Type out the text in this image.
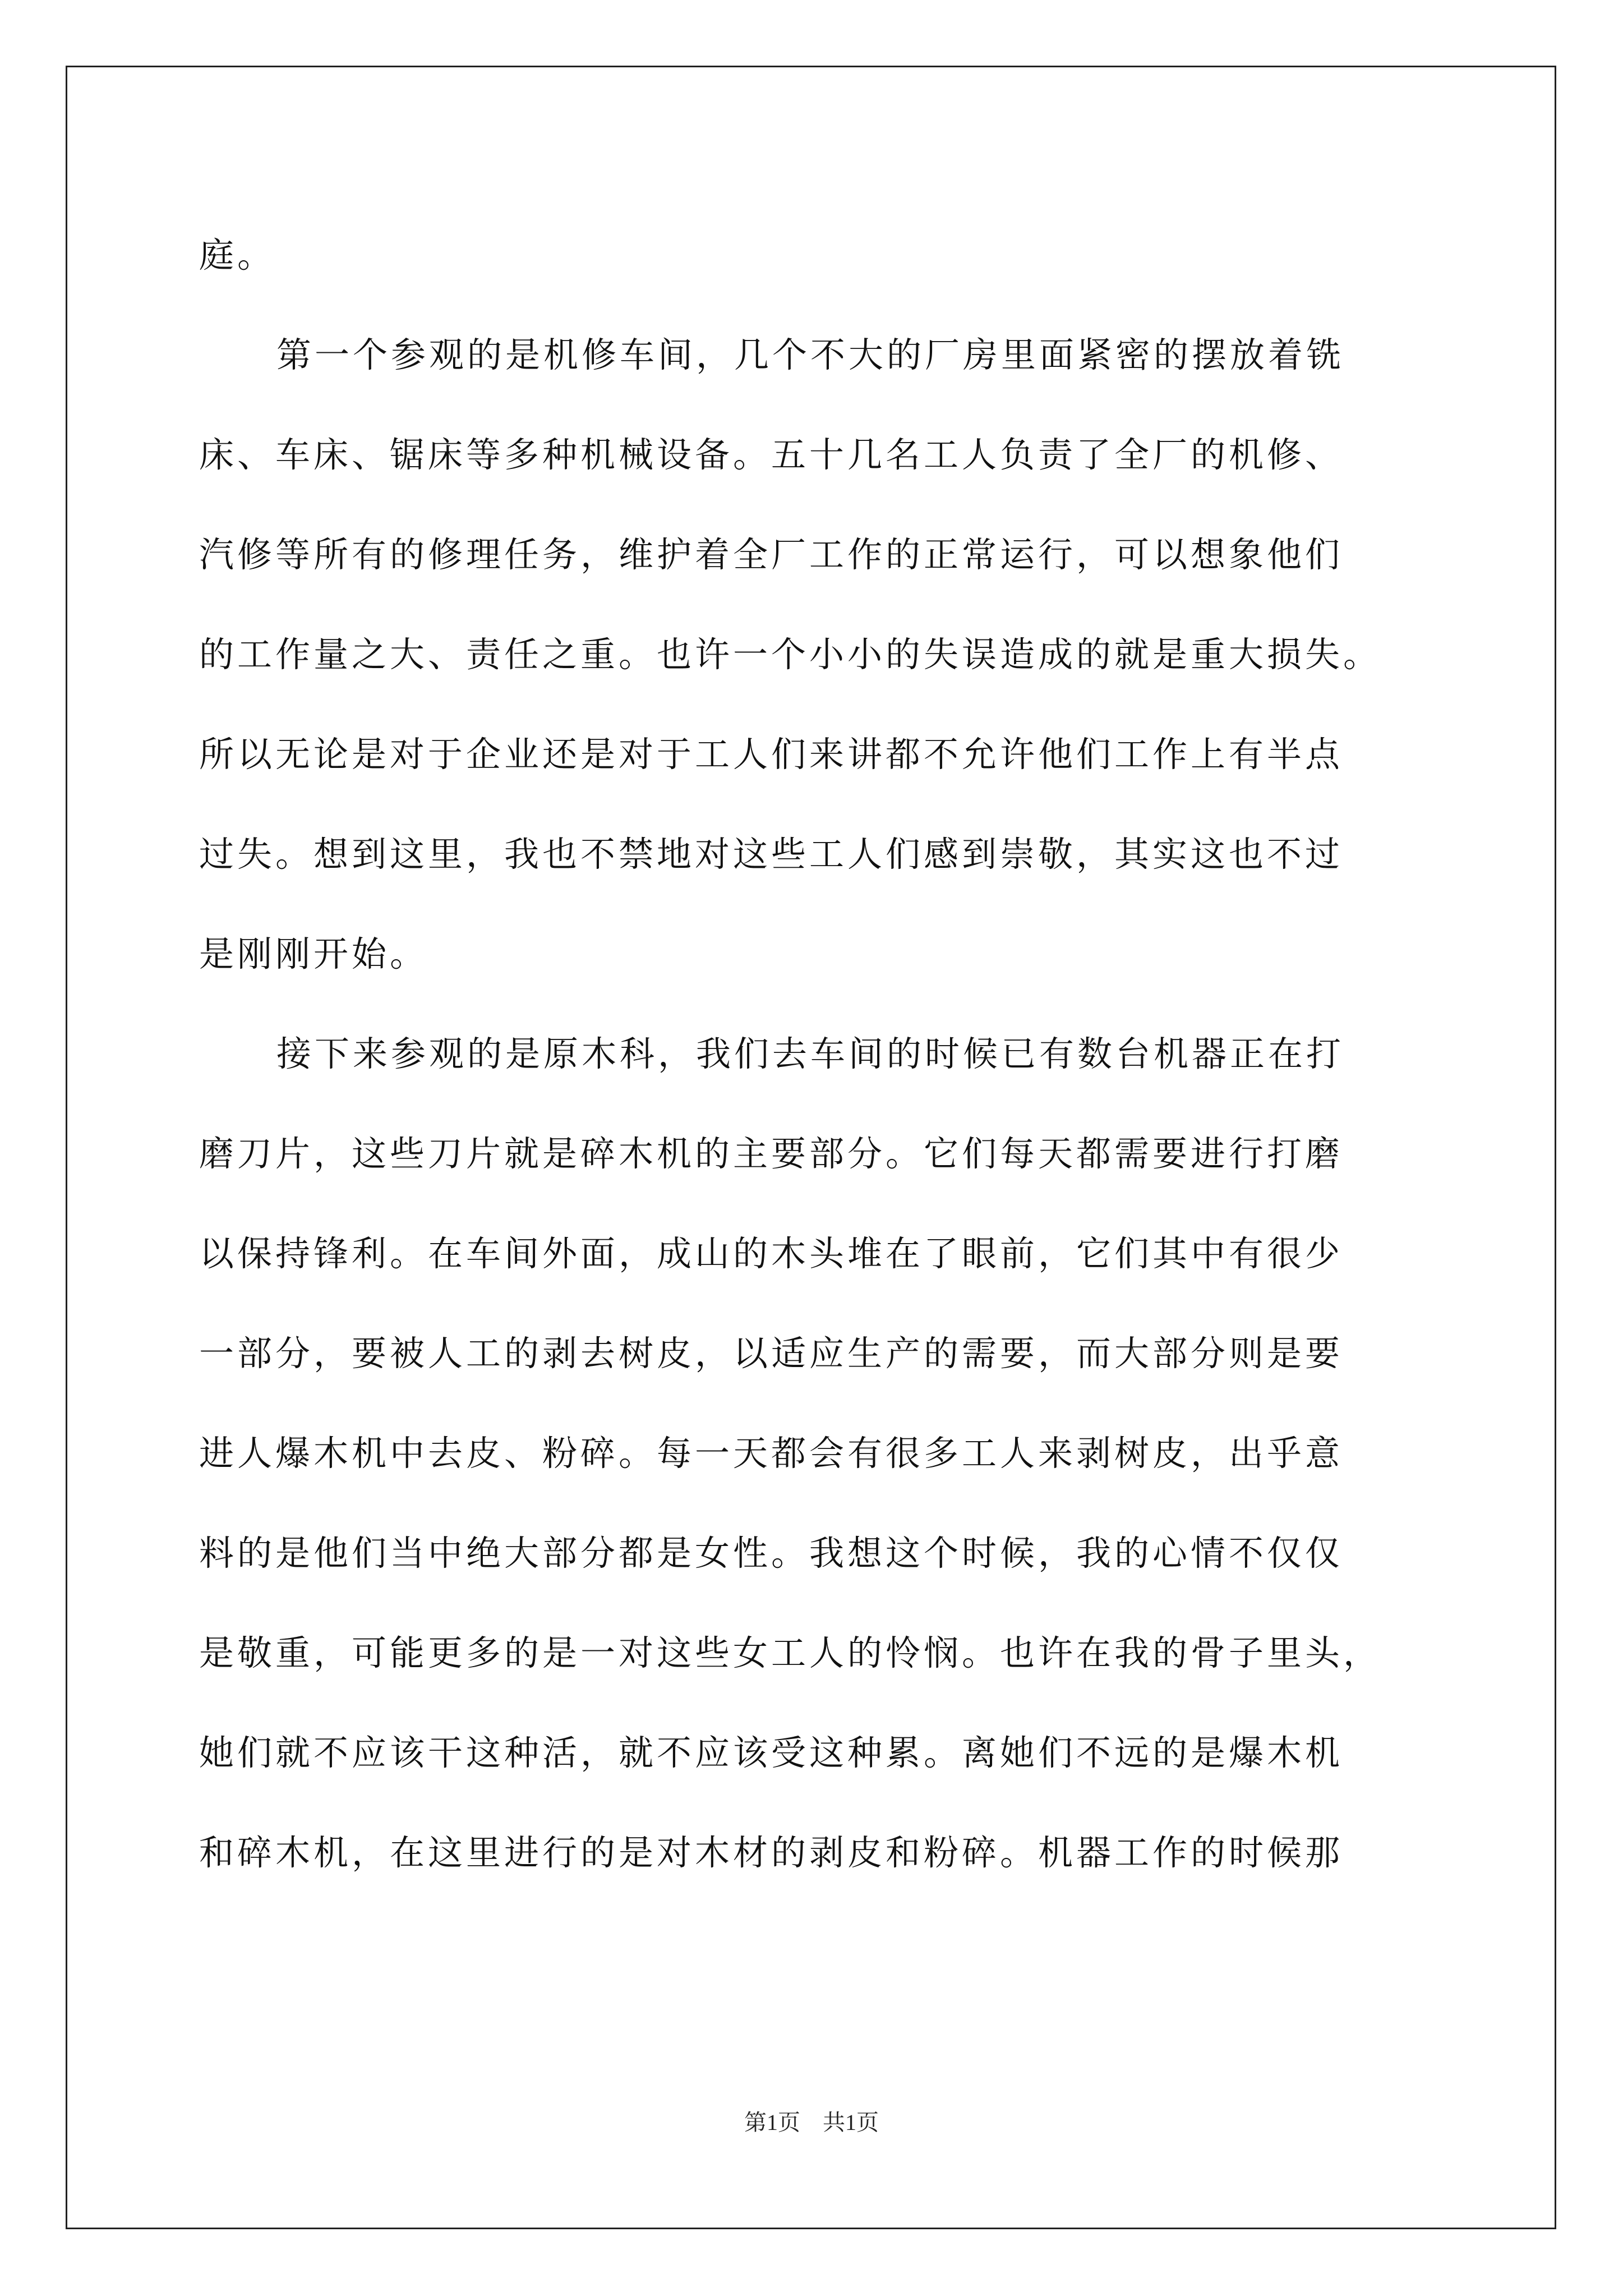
庭。
第一个参观的是机修车间，几个不大的厂房里面紧密的摆放着铣
床、车床、锯床等多种机械设备。五十几名工人负责了全厂的机修、
汽修等所有的修理任务，维护着全厂工作的正常运行，可以想象他们
的工作量之大、责任之重。也许一个小小的失误造成的就是重大损失。
所以无论是对于企业还是对于工人们来讲都不允许他们工作上有半点
过失。想到这里，我也不禁地对这些工人们感到崇敬，其实这也不过
是刚刚开始。
接下来参观的是原木科，我们去车间的时候已有数台机器正在打
磨刀片，这些刀片就是碎木机的主要部分。它们每天都需要进行打磨
以保持锋利。在车间外面，成山的木头堆在了眼前，它们其中有很少
一部分，要被人工的剥去树皮，以适应生产的需要，而大部分则是要
进人爆木机中去皮、粉碎。每一天都会有很多工人来剥树皮，出乎意
料的是他们当中绝大部分都是女性。我想这个时候，我的心情不仅仅
是敬重，可能更多的是一对这些女工人的怜悯。也许在我的骨子里头，
她们就不应该干这种活，就不应该受这种累。离她们不远的是爆木机
和碎木机，在这里进行的是对木材的剥皮和粉碎。机器工作的时候那
第1页　共1页
